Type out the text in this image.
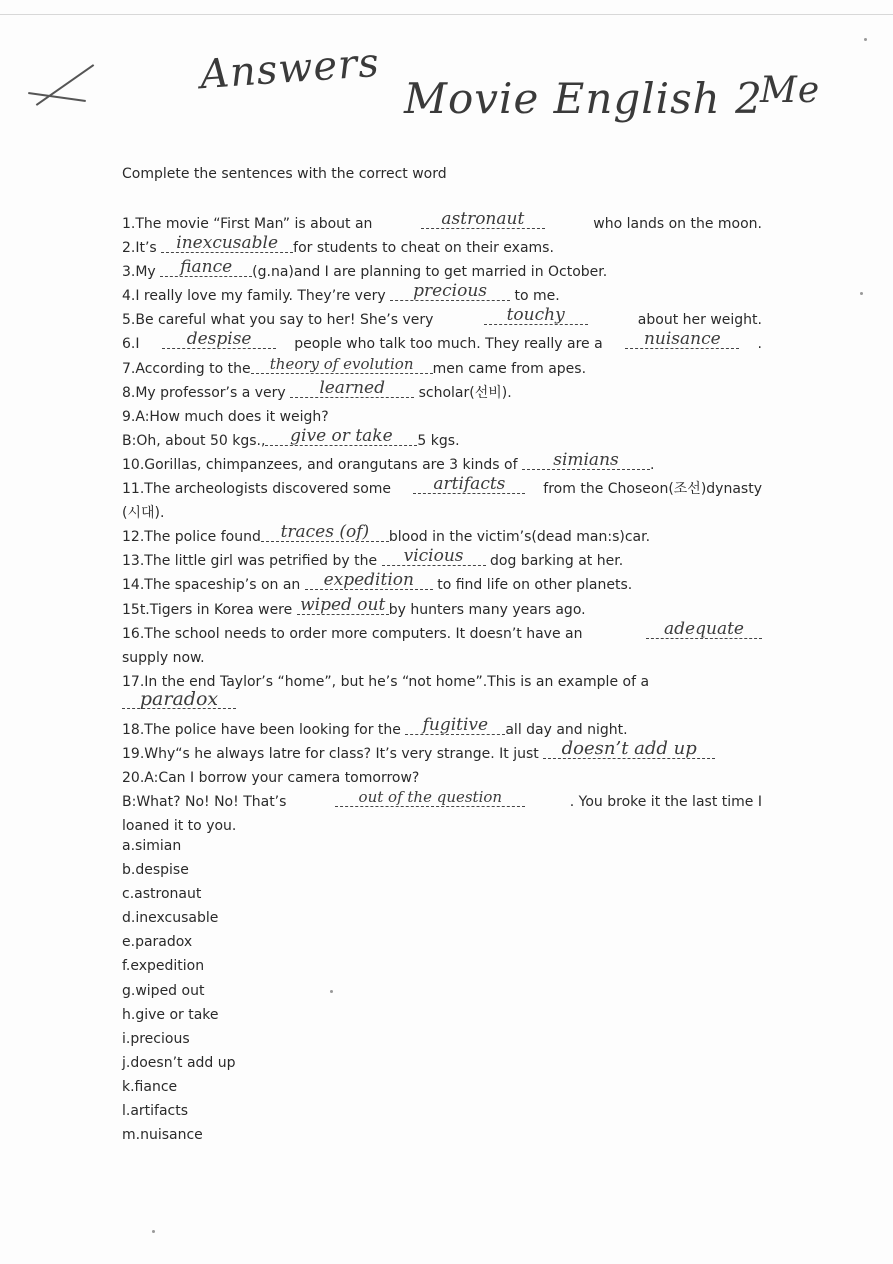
Answers
Movie English 2
Me
Complete the sentences with the correct word
1.The movie “First Man” is about an	astronaut	who lands on the moon.
2.It’s inexcusable	for students to cheat on their exams.
3.My	fiance	(g.na)and I are planning to get married in October.
4.I really love my family. They’re very	precious	to me.
5.Be careful what you say to her! She’s very	touchy	about her weight.
6.I	despise	people who talk too much. They really are a	nuisance	.
7.According to the	theory of evolution	men came from apes.
8.My professor’s a very	learned	scholar(선비).
9.A:How much does it weigh?
B:Oh, about 50 kgs.,	give or take	5 kgs.
10.Gorillas, chimpanzees, and orangutans are 3 kinds of	simians	.
11.The archeologists discovered some	artifacts	from the Choseon(조선)dynasty
(시대).
12.The police found	traces (of)	blood in the victim’s(dead man:s)car.
13.The little girl was petrified by the	vicious	dog barking at her.
14.The spaceship’s on an	expedition	to find life on other planets.
15t.Tigers in Korea were wiped out by hunters many years ago.
16.The school needs to order more computers. It doesn’t have an	adequate
supply now.
17.In the end Taylor’s “home”, but he’s “not home”.This is an example of a
paradox
18.The police have been looking for the	fugitive	all day and night.
19.Why“s he always latre for class? It’s very strange. It just	doesn’t add up
20.A:Can I borrow your camera tomorrow?
B:What? No! No! That’s	out of the question	. You broke it the last time I
loaned it to you.
a.simian
b.despise
c.astronaut
d.inexcusable
e.paradox
f.expedition
g.wiped out
h.give or take
i.precious
j.doesn’t add up
k.fiance
l.artifacts
m.nuisance
